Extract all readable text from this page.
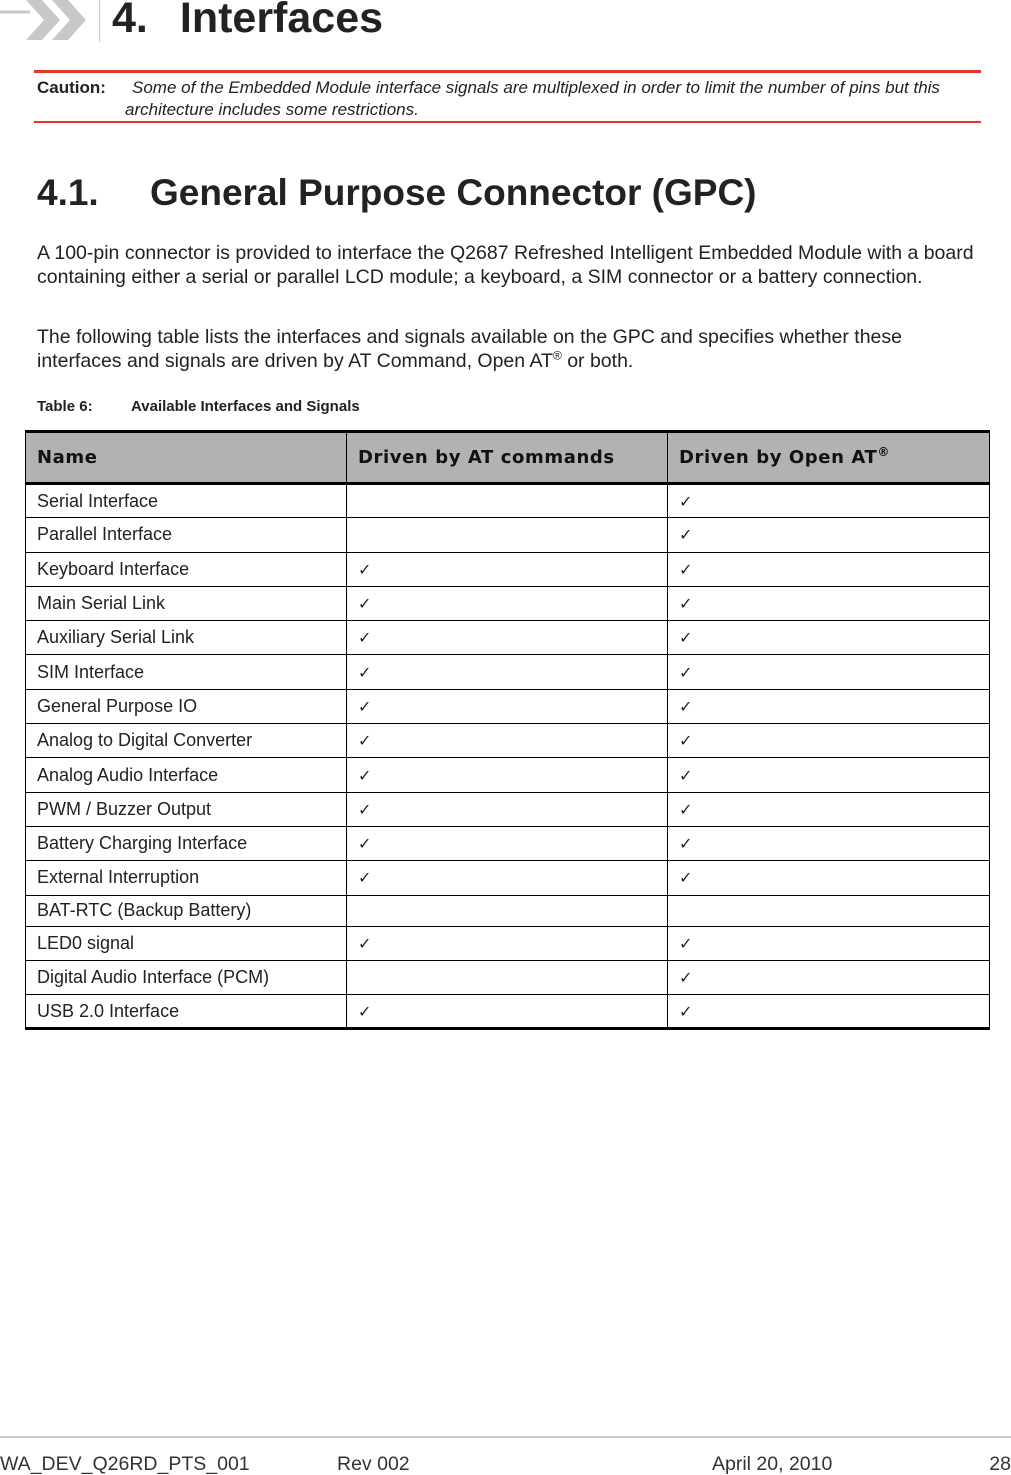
4. Interfaces
Caution:	Some of the Embedded Module interface signals are multiplexed in order to limit the number of pins but this architecture includes some restrictions.
4.1. General Purpose Connector (GPC)

A 100-pin connector is provided to interface the Q2687 Refreshed Intelligent Embedded Module with a board containing either a serial or parallel LCD module; a keyboard, a SIM connector or a battery connection.

The following table lists the interfaces and signals available on the GPC and specifies whether these interfaces and signals are driven by AT Command, Open AT® or both.

Table 6:	Available Interfaces and Signals
Name	Driven by AT commands	Driven by Open AT®
Serial Interface		✓
Parallel Interface		✓
Keyboard Interface	✓	✓
Main Serial Link	✓	✓
Auxiliary Serial Link	✓	✓
SIM Interface	✓	✓
General Purpose IO	✓	✓
Analog to Digital Converter	✓	✓
Analog Audio Interface	✓	✓
PWM / Buzzer Output	✓	✓
Battery Charging Interface	✓	✓
External Interruption	✓	✓
BAT-RTC (Backup Battery)		
LED0 signal	✓	✓
Digital Audio Interface (PCM)		✓
USB 2.0 Interface	✓	✓
WA_DEV_Q26RD_PTS_001	Rev 002	April 20, 2010	28
